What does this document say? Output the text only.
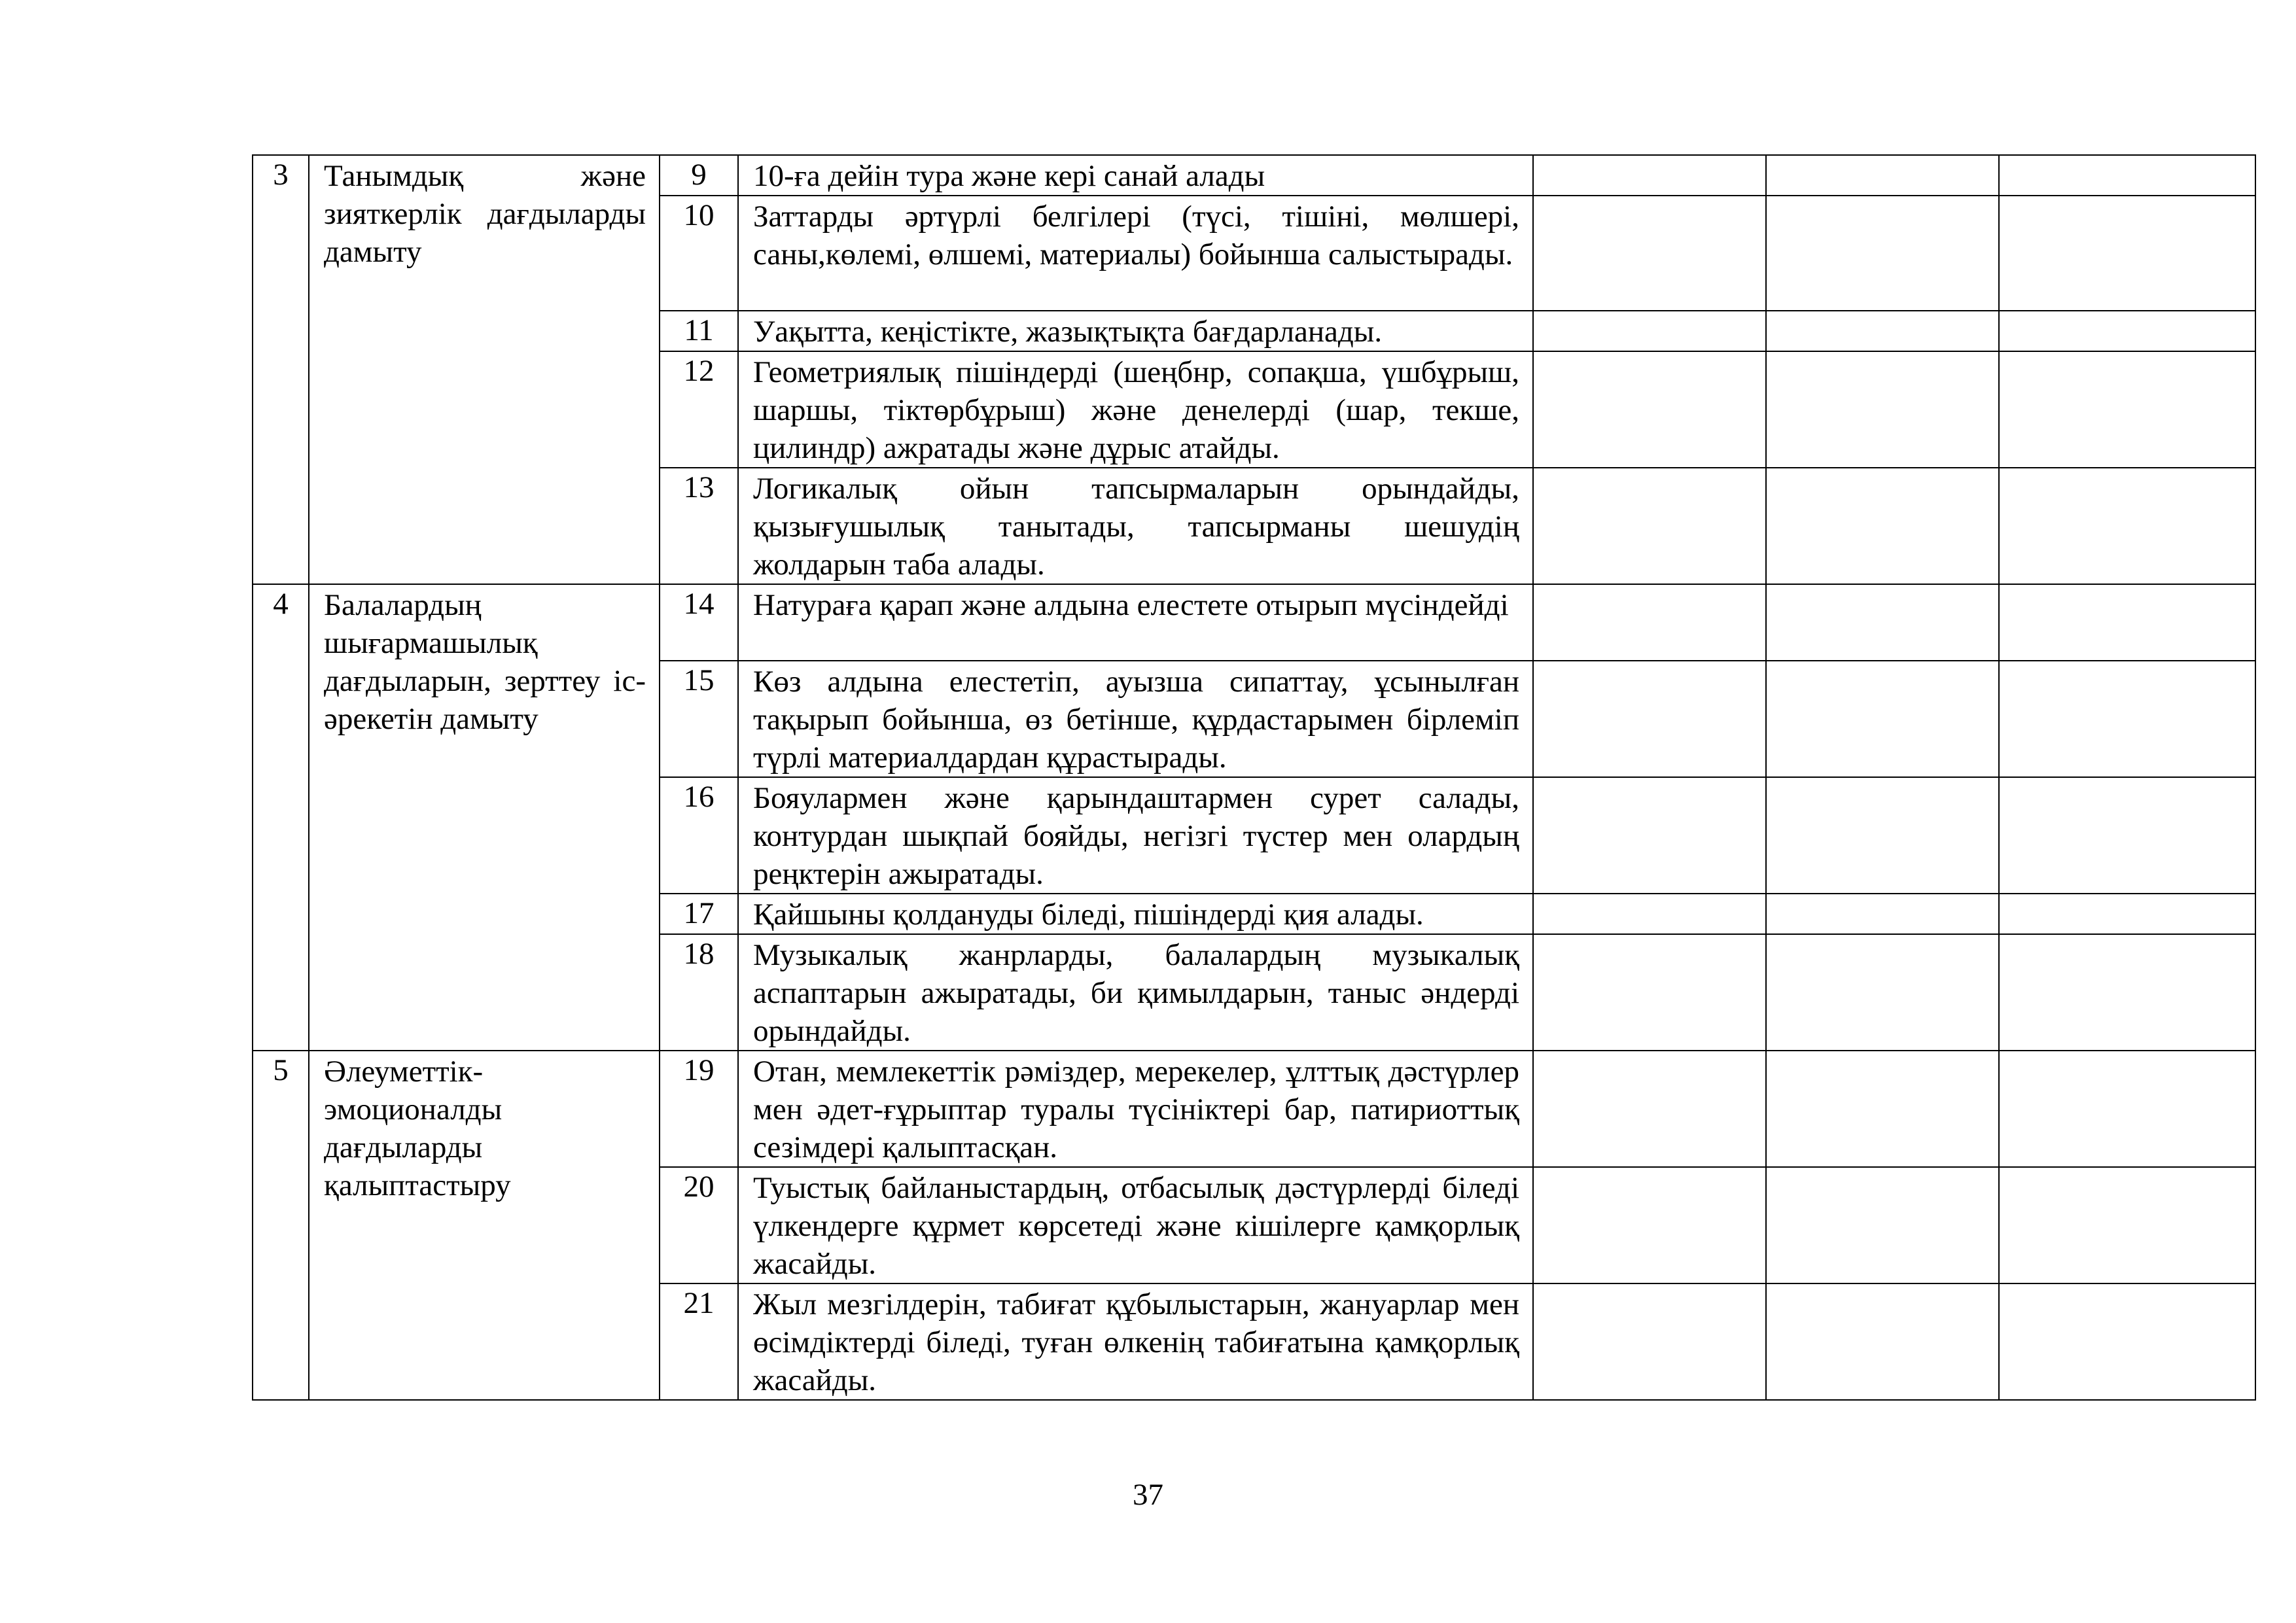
3	Танымдық және зияткерлік дағдыларды дамыту	9	10-ға дейін тура және кері санай алады			
		10	Заттарды әртүрлі белгілері (түсі, тішіні, мөлшері, саны,көлемі, өлшемі, материалы) бойынша салыстырады.			
		11	Уақытта, кеңістікте, жазықтықта бағдарланады.			
		12	Геометриялық пішіндерді (шеңбнр, сопақша, үшбұрыш, шаршы, тіктөрбұрыш) және денелерді (шар, текше, цилиндр) ажратады және дұрыс атайды.			
		13	Логикалық ойын тапсырмаларын орындайды, қызығушылық танытады, тапсырманы шешудің жолдарын таба алады.			
4	Балалардың шығармашылық дағдыларын, зерттеу іс-әрекетін дамыту	14	Натураға қарап және алдына елестете отырып мүсіндейді			
		15	Көз алдына елестетіп, ауызша сипаттау, ұсынылған тақырып бойынша, өз бетінше, құрдастарымен бірлеміп түрлі материалдардан құрастырады.			
		16	Бояулармен және қарындаштармен сурет салады, контурдан шықпай бояйды, негізгі түстер мен олардың реңктерін ажыратады.			
		17	Қайшыны қолдануды біледі, пішіндерді қия алады.			
		18	Музыкалық жанрларды, балалардың музыкалық аспаптарын ажыратады, би қимылдарын, таныс әндерді орындайды.			
5	Әлеуметтік-эмоционалды дағдыларды қалыптастыру	19	Отан, мемлекеттік рәміздер, мерекелер, ұлттық дәстүрлер мен әдет-ғұрыптар туралы түсініктері бар, патириоттық сезімдері қалыптасқан.			
		20	Туыстық байланыстардың, отбасылық дәстүрлерді біледі үлкендерге құрмет көрсетеді және кішілерге қамқорлық жасайды.			
		21	Жыл мезгілдерін, табиғат құбылыстарын, жануарлар мен өсімдіктерді біледі, туған өлкенің табиғатына қамқорлық жасайды.			
37
